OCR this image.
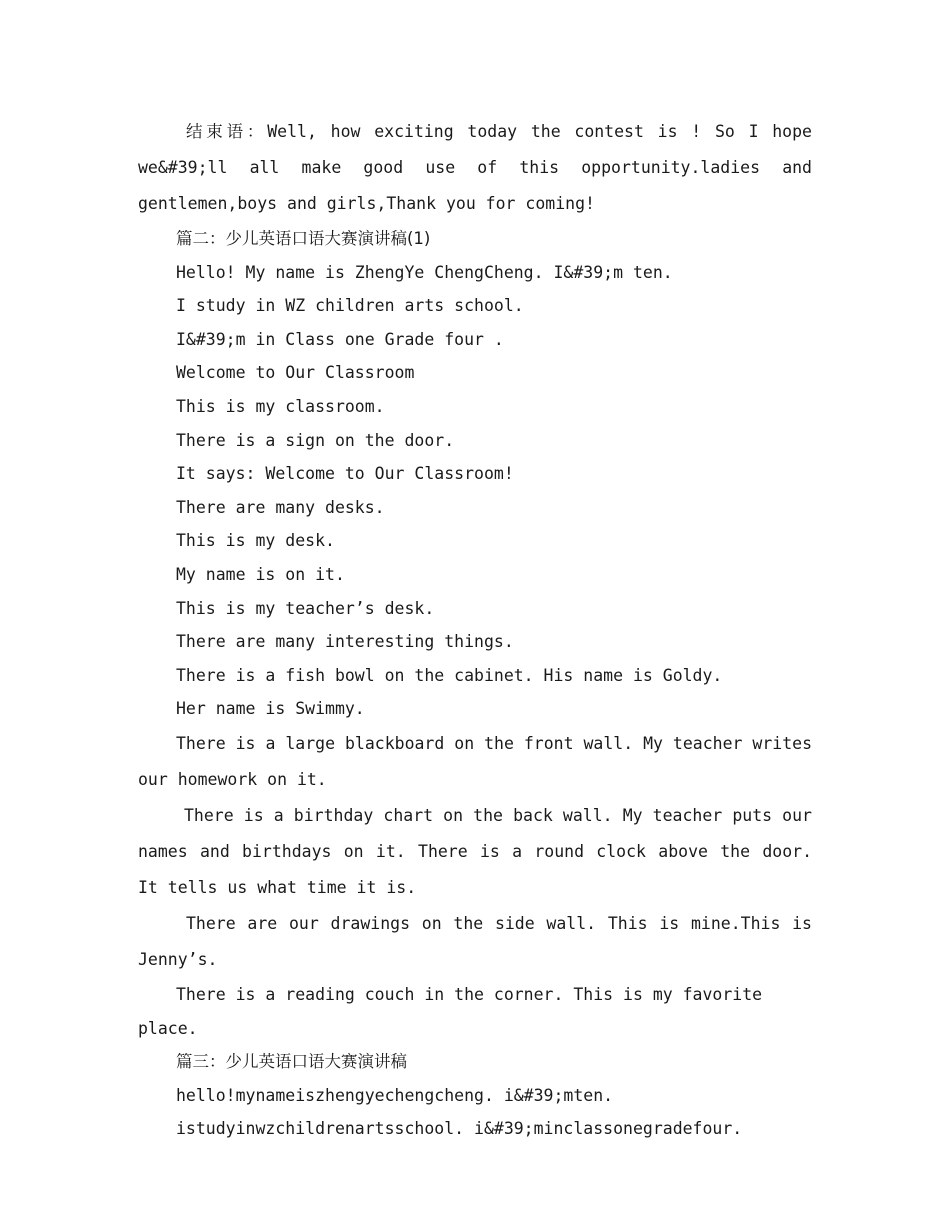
结束语：Well, how exciting today the contest is ! So I hope we&#39;ll all make good use of this opportunity.ladies and gentlemen,boys and girls,Thank you for coming!

篇二：少儿英语口语大赛演讲稿(1)

Hello! My name is ZhengYe ChengCheng. I&#39;m ten.

I study in WZ children arts school.

I&#39;m in Class one Grade four .

Welcome to Our Classroom

This is my classroom.

There is a sign on the door.

It says: Welcome to Our Classroom!

There are many desks.

This is my desk.

My name is on it.

This is my teacher’s desk.

There are many interesting things.

There is a fish bowl on the cabinet. His name is Goldy.

Her name is Swimmy.

There is a large blackboard on the front wall. My teacher writes our homework on it.

There is a birthday chart on the back wall. My teacher puts our names and birthdays on it. There is a round clock above the door. It tells us what time it is.

There are our drawings on the side wall. This is mine.This is Jenny’s.

There is a reading couch in the corner. This is my favorite place.

篇三：少儿英语口语大赛演讲稿

hello!mynameiszhengyechengcheng. i&#39;mten.

istudyinwzchildrenartsschool. i&#39;minclassonegradefour.
